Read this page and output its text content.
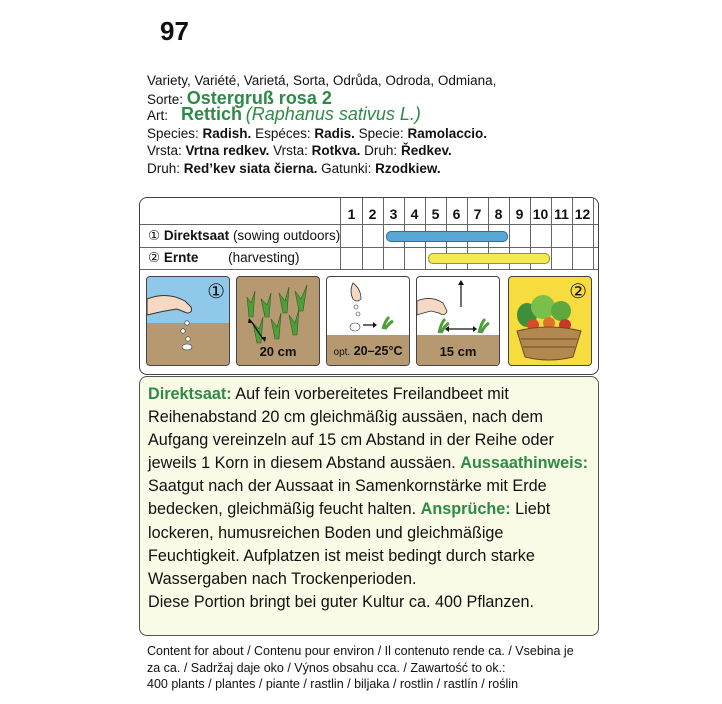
97
Variety, Variété, Varietá, Sorta, Odrůda, Odroda, Odmiana,
Sorte: Ostergruß rosa 2
Art: Rettich (Raphanus sativus L.)
Species: Radish. Espéces: Radis. Specie: Ramolaccio.
Vrsta: Vrtna redkev. Vrsta: Rotkva. Druh: Ředkev.
Druh: Red’kev siata čierna. Gatunki: Rzodkiew.
1 2 3 4 5 6 7 8 9 10 11 12
① Direktsaat (sowing outdoors)
② Ernte (harvesting)
①
20 cm	opt. 20–25°C	15 cm
②
Direktsaat: Auf fein vorbereitetes Freilandbeet mit Reihenabstand 20 cm gleichmäßig aussäen, nach dem Aufgang vereinzeln auf 15 cm Abstand in der Reihe oder jeweils 1 Korn in diesem Abstand aussäen. Aussaathinweis: Saatgut nach der Aussaat in Samenkornstärke mit Erde bedecken, gleichmäßig feucht halten. Ansprüche: Liebt lockeren, humusreichen Boden und gleichmäßige Feuchtigkeit. Aufplatzen ist meist bedingt durch starke Wassergaben nach Trockenperioden.
Diese Portion bringt bei guter Kultur ca. 400 Pflanzen.
Content for about / Contenu pour environ / Il contenuto rende ca. / Vsebina je
za ca. / Sadržaj daje oko / Výnos obsahu cca. / Zawartość to ok.:
400 plants / plantes / piante / rastlin / biljaka / rostlin / rastlín / roślin
